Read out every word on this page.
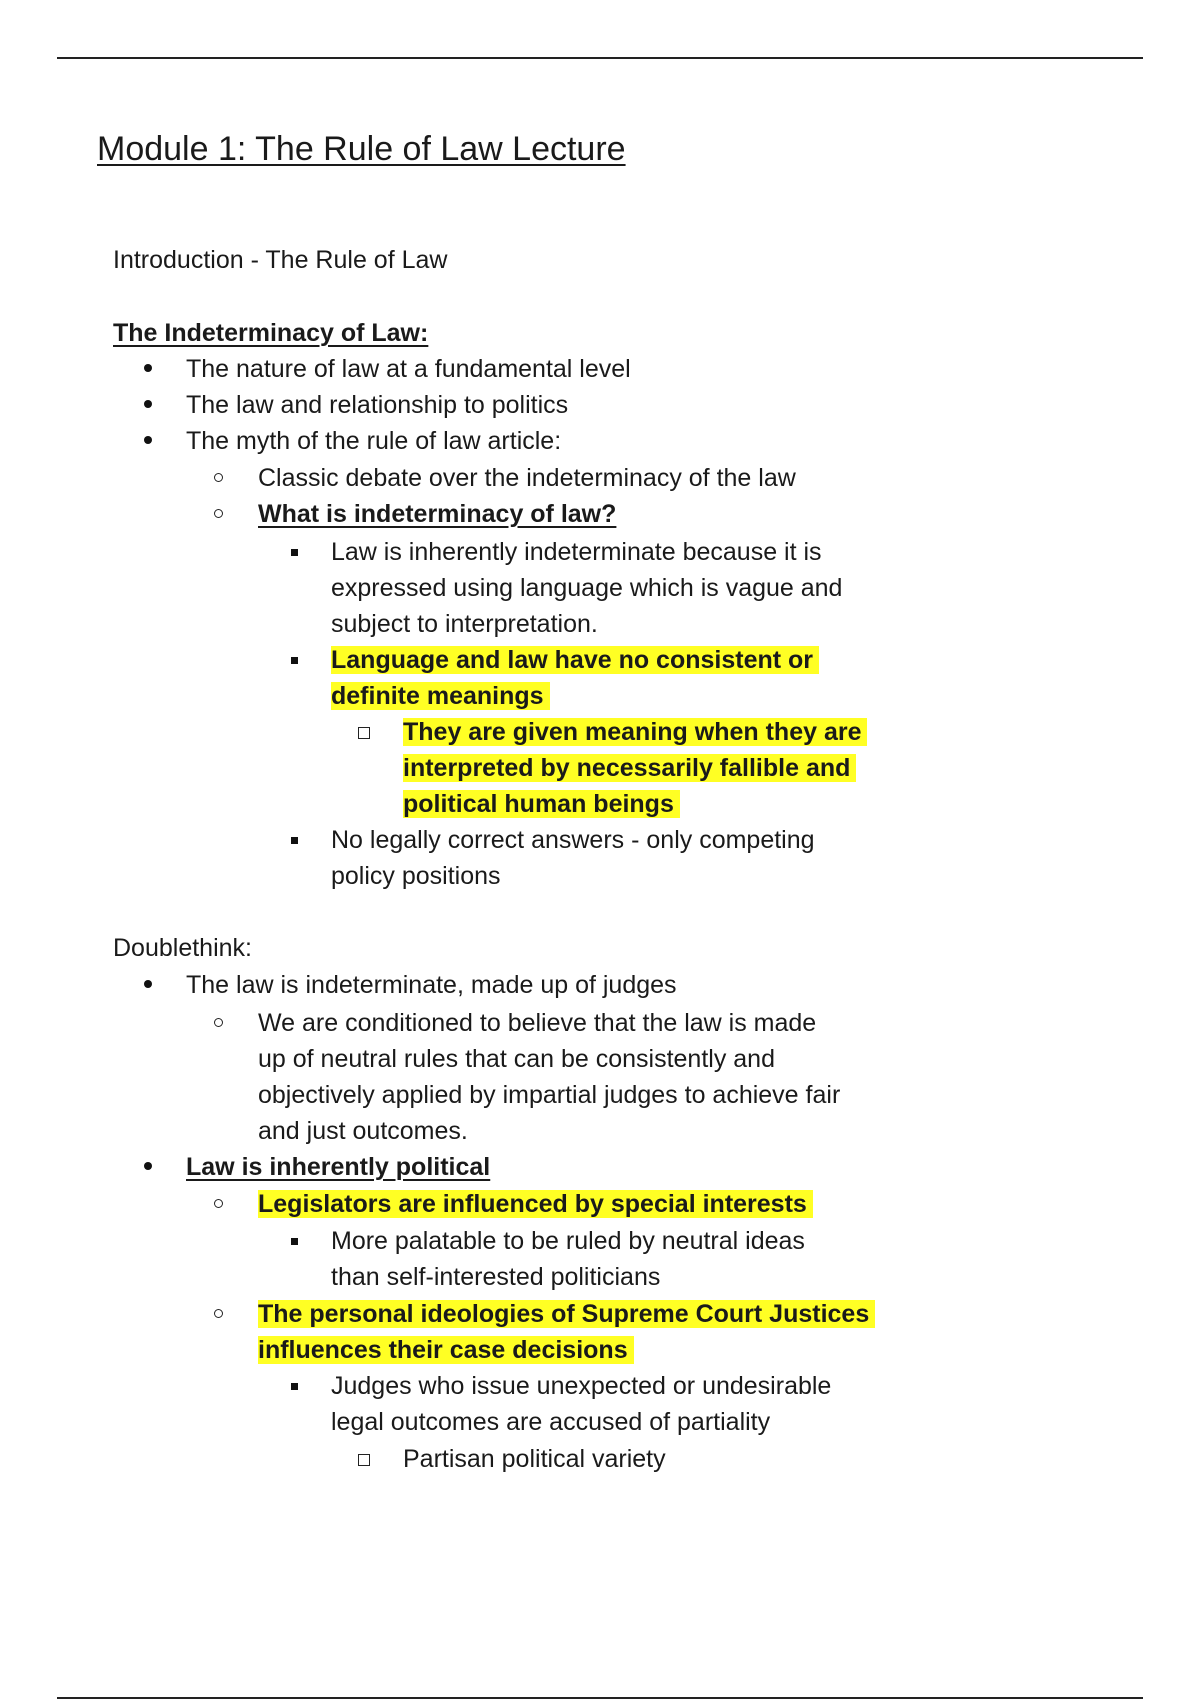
Module 1: The Rule of Law Lecture
Introduction - The Rule of Law
The Indeterminacy of Law:
The nature of law at a fundamental level
The law and relationship to politics
The myth of the rule of law article:
Classic debate over the indeterminacy of the law
What is indeterminacy of law?
Law is inherently indeterminate because it is
expressed using language which is vague and
subject to interpretation.
Language and law have no consistent or
definite meanings
They are given meaning when they are
interpreted by necessarily fallible and
political human beings
No legally correct answers - only competing
policy positions
Doublethink:
The law is indeterminate, made up of judges
We are conditioned to believe that the law is made
up of neutral rules that can be consistently and
objectively applied by impartial judges to achieve fair
and just outcomes.
Law is inherently political
Legislators are influenced by special interests
More palatable to be ruled by neutral ideas
than self-interested politicians
The personal ideologies of Supreme Court Justices
influences their case decisions
Judges who issue unexpected or undesirable
legal outcomes are accused of partiality
Partisan political variety
